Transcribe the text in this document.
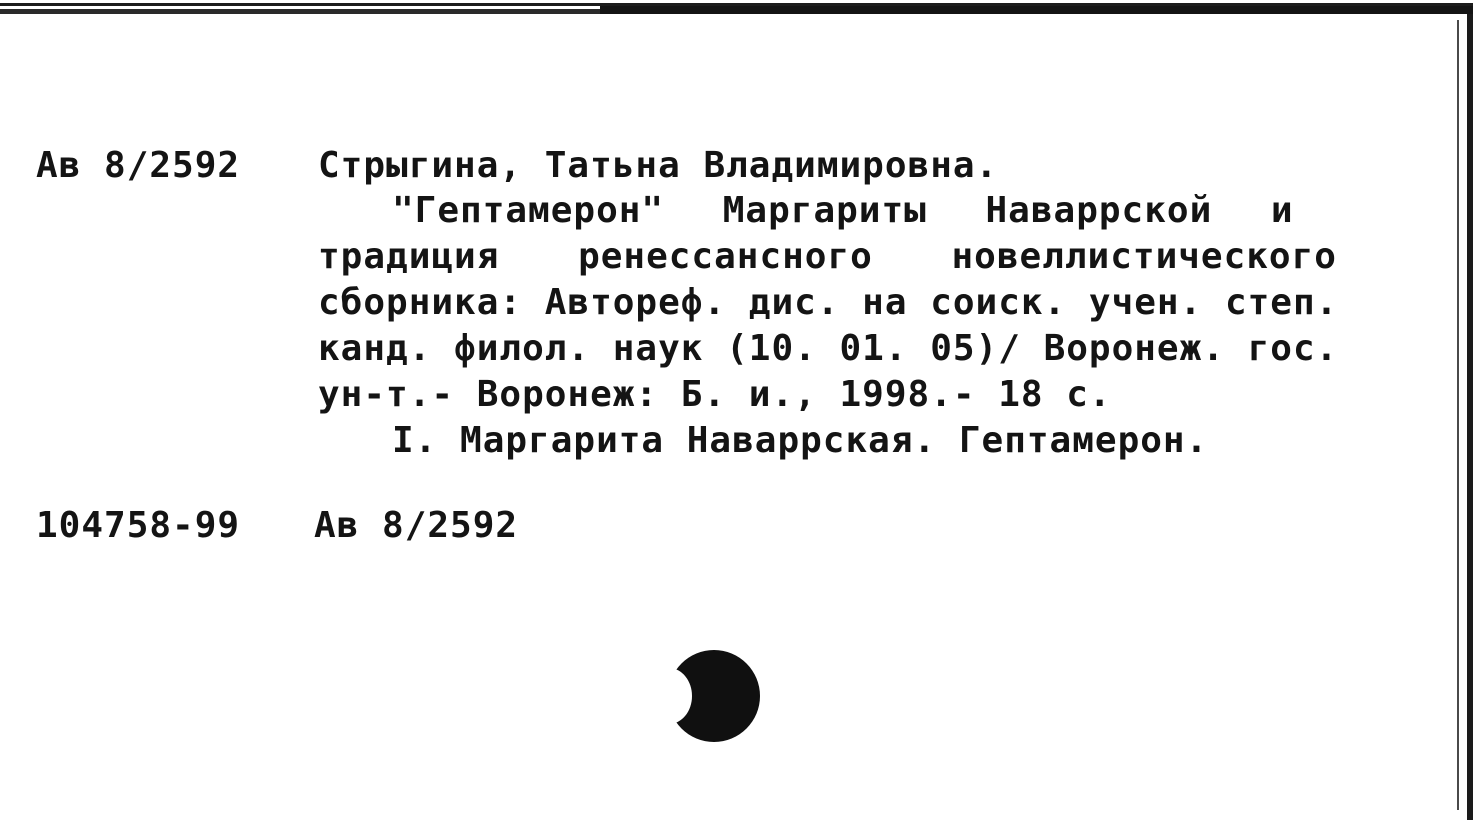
Ав 8/2592 Стрыгина, Татьна Владимировна.
"Гептамерон" Маргариты Наваррской и
традиция ренессансного новеллистического
сборника: Автореф. дис. на соиск. учен. степ.
канд. филол. наук (10. 01. 05)/ Воронеж. гос.
ун-т.- Воронеж: Б. и., 1998.- 18 с.
I. Маргарита Наваррская. Гептамерон.
104758-99 Ав 8/2592
